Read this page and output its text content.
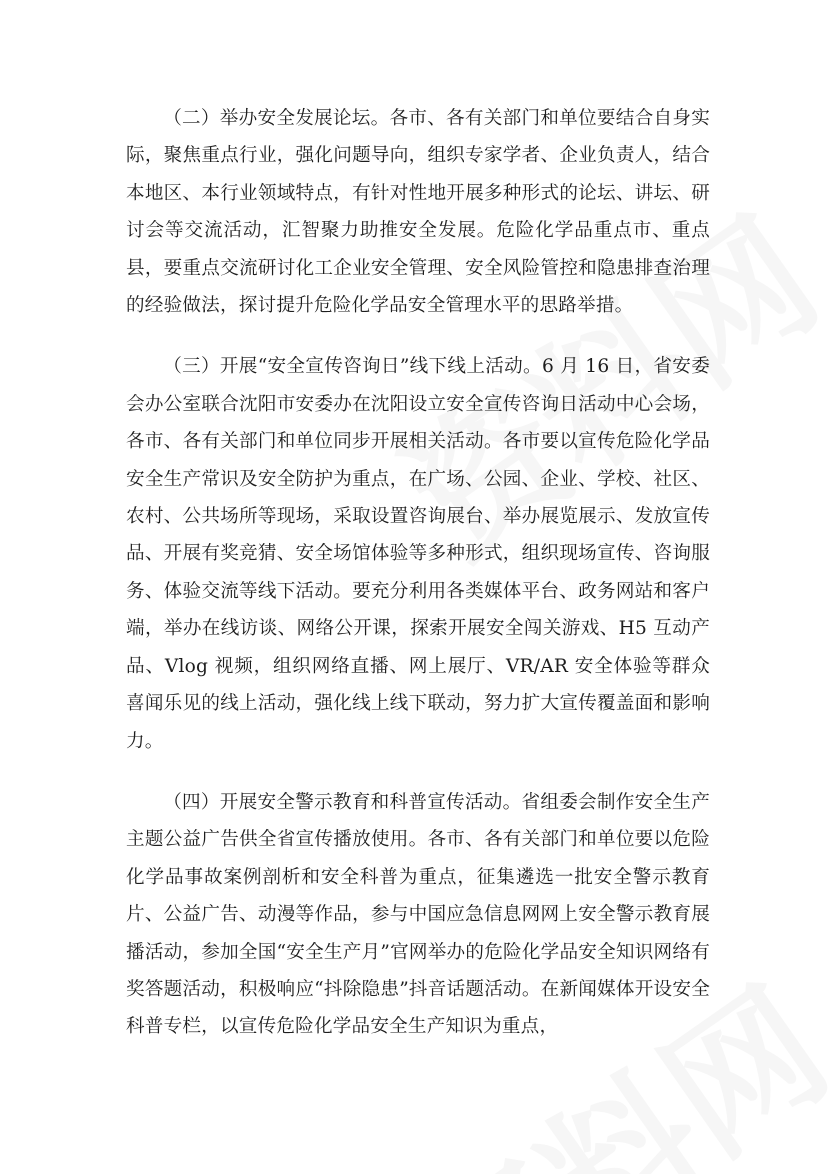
（二）举办安全发展论坛。各市、各有关部门和单位要结合自身实际，聚焦重点行业，强化问题导向，组织专家学者、企业负责人，结合本地区、本行业领域特点，有针对性地开展多种形式的论坛、讲坛、研讨会等交流活动，汇智聚力助推安全发展。危险化学品重点市、重点县，要重点交流研讨化工企业安全管理、安全风险管控和隐患排查治理的经验做法，探讨提升危险化学品安全管理水平的思路举措。

（三）开展“安全宣传咨询日”线下线上活动。6 月 16 日，省安委会办公室联合沈阳市安委办在沈阳设立安全宣传咨询日活动中心会场，各市、各有关部门和单位同步开展相关活动。各市要以宣传危险化学品安全生产常识及安全防护为重点，在广场、公园、企业、学校、社区、农村、公共场所等现场，采取设置咨询展台、举办展览展示、发放宣传品、开展有奖竞猜、安全场馆体验等多种形式，组织现场宣传、咨询服务、体验交流等线下活动。要充分利用各类媒体平台、政务网站和客户端，举办在线访谈、网络公开课，探索开展安全闯关游戏、H5 互动产品、Vlog 视频，组织网络直播、网上展厅、VR/AR 安全体验等群众喜闻乐见的线上活动，强化线上线下联动，努力扩大宣传覆盖面和影响力。

（四）开展安全警示教育和科普宣传活动。省组委会制作安全生产主题公益广告供全省宣传播放使用。各市、各有关部门和单位要以危险化学品事故案例剖析和安全科普为重点，征集遴选一批安全警示教育片、公益广告、动漫等作品，参与中国应急信息网网上安全警示教育展播活动，参加全国“安全生产月”官网举办的危险化学品安全知识网络有奖答题活动，积极响应“抖除隐患”抖音话题活动。在新闻媒体开设安全科普专栏，以宣传危险化学品安全生产知识为重点，
